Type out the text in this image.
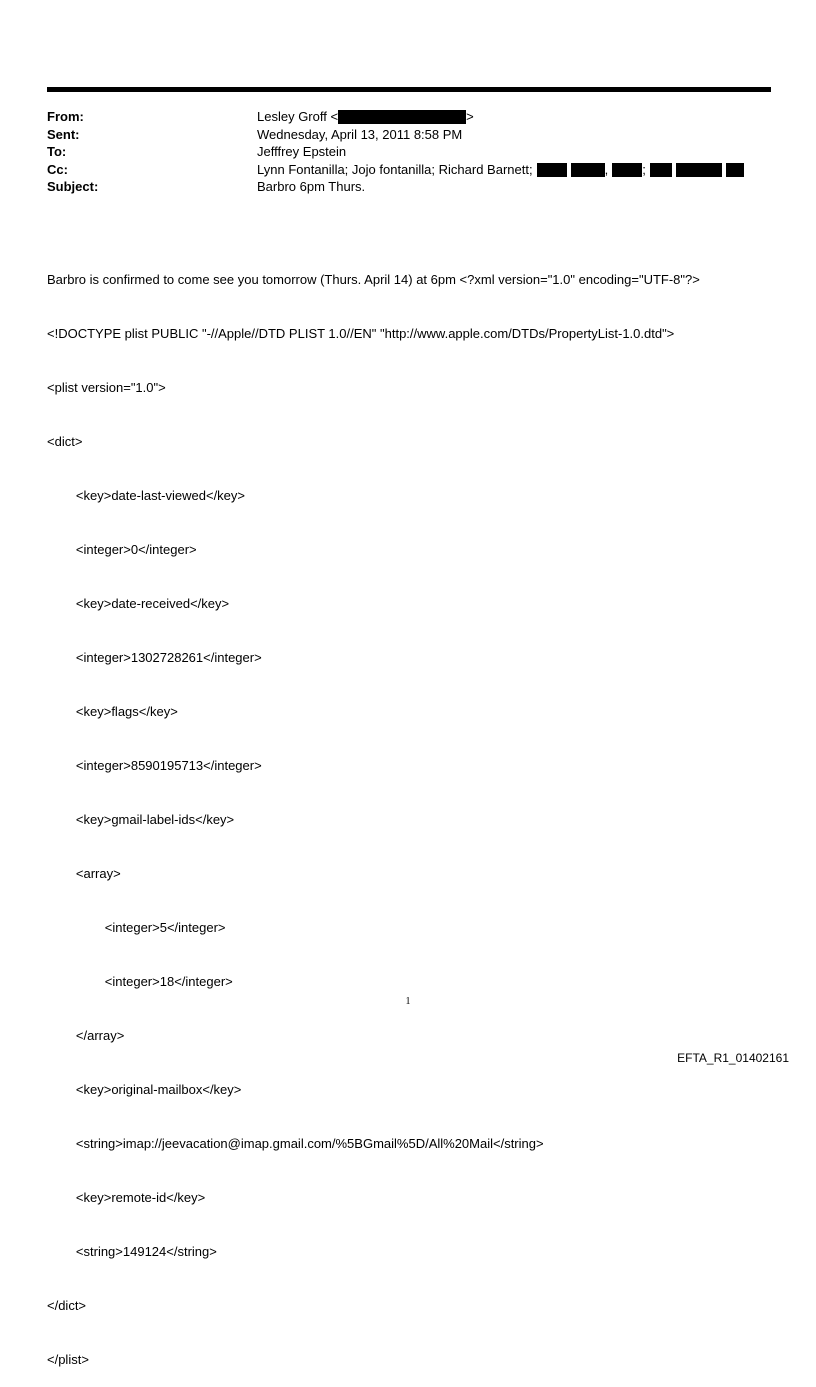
From:	Lesley Groff <	>
Sent:	Wednesday, April 13, 2011 8:58 PM
To:	Jefffrey Epstein
Cc:	Lynn Fontanilla; Jojo fontanilla; Richard Barnett;	,	;
Subject:	Barbro 6pm Thurs.

Barbro is confirmed to come see you tomorrow (Thurs. April 14) at 6pm <?xml version="1.0" encoding="UTF-8"?>

<!DOCTYPE plist PUBLIC "-//Apple//DTD PLIST 1.0//EN" "http://www.apple.com/DTDs/PropertyList-1.0.dtd">

<plist version="1.0">

<dict>

	<key>date-last-viewed</key>

	<integer>0</integer>

	<key>date-received</key>

	<integer>1302728261</integer>

	<key>flags</key>

	<integer>8590195713</integer>

	<key>gmail-label-ids</key>

	<array>

		<integer>5</integer>

		<integer>18</integer>

	</array>

	<key>original-mailbox</key>

	<string>imap://jeevacation@imap.gmail.com/%5BGmail%5D/All%20Mail</string>

	<key>remote-id</key>

	<string>149124</string>

</dict>

</plist>

1
EFTA_R1_01402161
